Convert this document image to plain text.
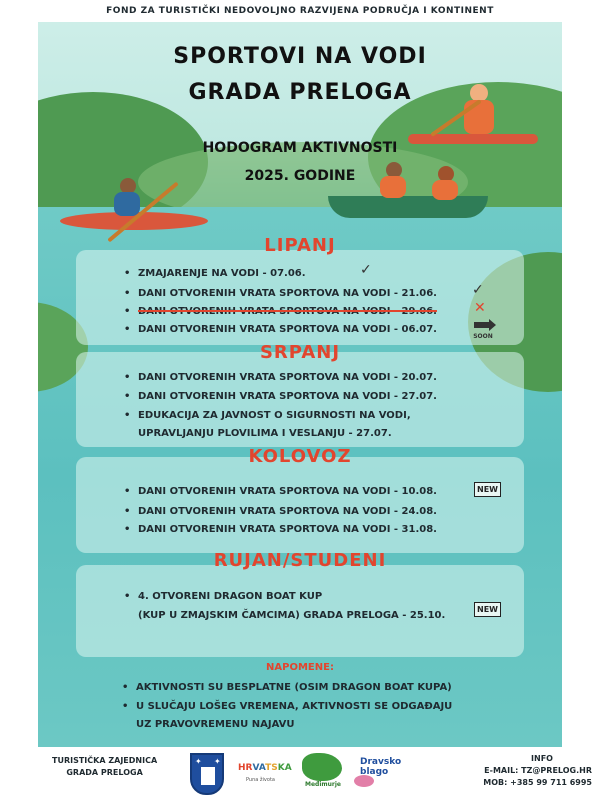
FOND ZA TURISTIČKI NEDOVOLJNO RAZVIJENA PODRUČJA I KONTINENT
SPORTOVI NA VODI
GRADA PRELOGA
HODOGRAM AKTIVNOSTI
2025. GODINE
LIPANJ
• ZMAJARENJE NA VODI - 07.06.
• DANI OTVORENIH VRATA SPORTOVA NA VODI - 21.06.
• DANI OTVORENIH VRATA SPORTOVA NA VODI - 29.06.
• DANI OTVORENIH VRATA SPORTOVA NA VODI - 06.07.
✓
✓
✕
SOON
SRPANJ
• DANI OTVORENIH VRATA SPORTOVA NA VODI - 20.07.
• DANI OTVORENIH VRATA SPORTOVA NA VODI - 27.07.
• EDUKACIJA ZA JAVNOST O SIGURNOSTI NA VODI,
UPRAVLJANJU PLOVILIMA I VESLANJU - 27.07.
KOLOVOZ
• DANI OTVORENIH VRATA SPORTOVA NA VODI - 10.08.
• DANI OTVORENIH VRATA SPORTOVA NA VODI - 24.08.
• DANI OTVORENIH VRATA SPORTOVA NA VODI - 31.08.
NEW
RUJAN/STUDENI
• 4. OTVORENI DRAGON BOAT KUP
(KUP U ZMAJSKIM ČAMCIMA) GRADA PRELOGA - 25.10.
NEW
NAPOMENE:
• AKTIVNOSTI SU BESPLATNE (OSIM DRAGON BOAT KUPA)
• U SLUČAJU LOŠEG VREMENA, AKTIVNOSTI SE ODGAĐAJU
UZ PRAVOVREMENU NAJAVU
TURISTIČKA ZAJEDNICA
GRADA PRELOGA
✦ ✦
HRVATSKA
Puna života
Međimurje
Dravsko
blago
INFO
E-MAIL: TZ@PRELOG.HR
MOB: +385 99 711 6995
